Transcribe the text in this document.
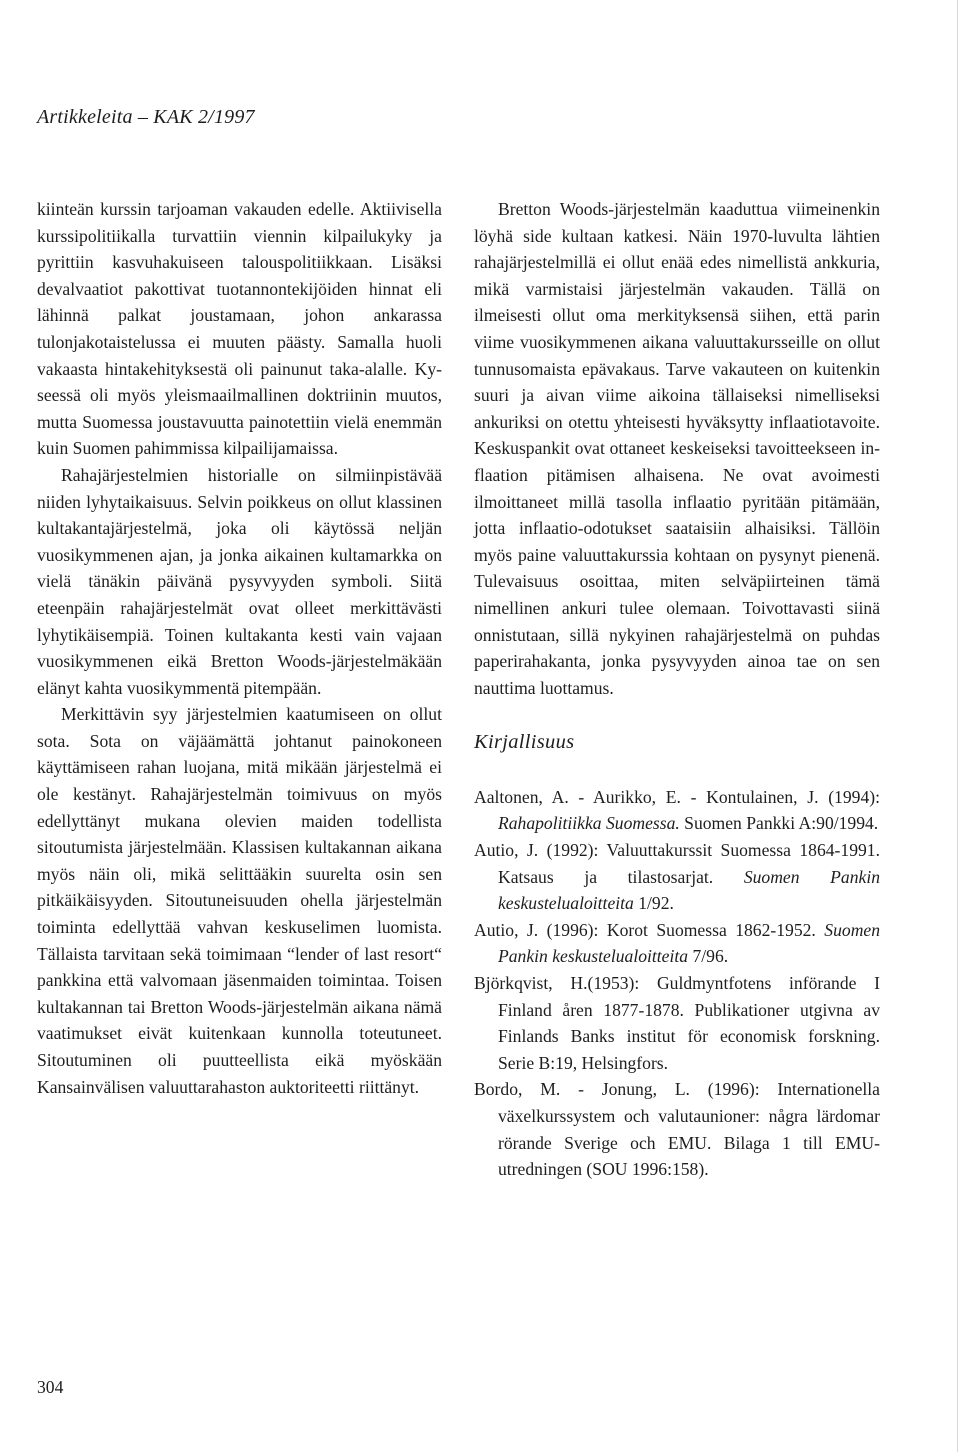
Artikkeleita – KAK 2/1997

kiinteän kurssin tarjoaman vakauden edelle. Aktiivisella kurssipolitiikalla turvattiin viennin kilpailukyky ja pyrittiin kasvuhakuiseen talouspolitiikkaan. Lisäksi devalvaatiot pakottivat tuotannontekijöiden hinnat eli lähinnä palkat joustamaan, johon ankarassa tulonjakotaistelussa ei muuten päästy. Samalla huoli vakaasta hintakehityksestä oli painunut taka-alalle. Kyseessä oli myös yleismaailmallinen doktriinin muutos, mutta Suomessa joustavuutta painotettiin vielä enemmän kuin Suomen pahimmissa kilpailijamaissa.

Rahajärjestelmien historialle on silmiinpistävää niiden lyhytaikaisuus. Selvin poikkeus on ollut klassinen kultakantajärjestelmä, joka oli käytössä neljän vuosikymmenen ajan, ja jonka aikainen kultamarkka on vielä tänäkin päivänä pysyvyyden symboli. Siitä eteenpäin rahajärjestelmät ovat olleet merkittävästi lyhytikäisempiä. Toinen kultakanta kesti vain vajaan vuosikymmenen eikä Bretton Woods-järjestelmäkään elänyt kahta vuosikymmentä pitempään.

Merkittävin syy järjestelmien kaatumiseen on ollut sota. Sota on väjäämättä johtanut painokoneen käyttämiseen rahan luojana, mitä mikään järjestelmä ei ole kestänyt. Rahajärjestelmän toimivuus on myös edellyttänyt mukana olevien maiden todellista sitoutumista järjestelmään. Klassisen kultakannan aikana myös näin oli, mikä selittääkin suurelta osin sen pitkäikäisyyden. Sitoutuneisuuden ohella järjestelmän toiminta edellyttää vahvan keskuselimen luomista. Tällaista tarvitaan sekä toimimaan “lender of last resort“ pankkina että valvomaan jäsenmaiden toimintaa. Toisen kultakannan tai Bretton Woods-järjestelmän aikana nämä vaatimukset eivät kuitenkaan kunnolla toteutuneet. Sitoutuminen oli puutteellista eikä myöskään Kansainvälisen valuuttarahaston auktoriteetti riittänyt.

Bretton Woods-järjestelmän kaaduttua viimeinenkin löyhä side kultaan katkesi. Näin 1970-luvulta lähtien rahajärjestelmillä ei ollut enää edes nimellistä ankkuria, mikä varmistaisi järjestelmän vakauden. Tällä on ilmeisesti ollut oma merkityksensä siihen, että parin viime vuosikymmenen aikana valuuttakursseille on ollut tunnusomaista epävakaus. Tarve vakauteen on kuitenkin suuri ja aivan viime aikoina tällaiseksi nimelliseksi ankuriksi on otettu yhteisesti hyväksytty inflaatiotavoite. Keskuspankit ovat ottaneet keskeiseksi tavoitteekseen inflaation pitämisen alhaisena. Ne ovat avoimesti ilmoittaneet millä tasolla inflaatio pyritään pitämään, jotta inflaatio-odotukset saataisiin alhaisiksi. Tällöin myös paine valuuttakurssia kohtaan on pysynyt pienenä. Tulevaisuus osoittaa, miten selväpiirteinen tämä nimellinen ankuri tulee olemaan. Toivottavasti siinä onnistutaan, sillä nykyinen rahajärjestelmä on puhdas paperirahakanta, jonka pysyvyyden ainoa tae on sen nauttima luottamus.

Kirjallisuus

Aaltonen, A. - Aurikko, E. - Kontulainen, J. (1994): Rahapolitiikka Suomessa. Suomen Pankki A:90/1994.

Autio, J. (1992): Valuuttakurssit Suomessa 1864-1991. Katsaus ja tilastosarjat. Suomen Pankin keskustelualoitteita 1/92.

Autio, J. (1996): Korot Suomessa 1862-1952. Suomen Pankin keskustelualoitteita 7/96.

Björkqvist, H.(1953): Guldmyntfotens införande I Finland åren 1877-1878. Publikationer utgivna av Finlands Banks institut för economisk forskning. Serie B:19, Helsingfors.

Bordo, M. - Jonung, L. (1996): Internationella växelkurssystem och valutaunioner: några lärdomar rörande Sverige och EMU. Bilaga 1 till EMU-utredningen (SOU 1996:158).

304
